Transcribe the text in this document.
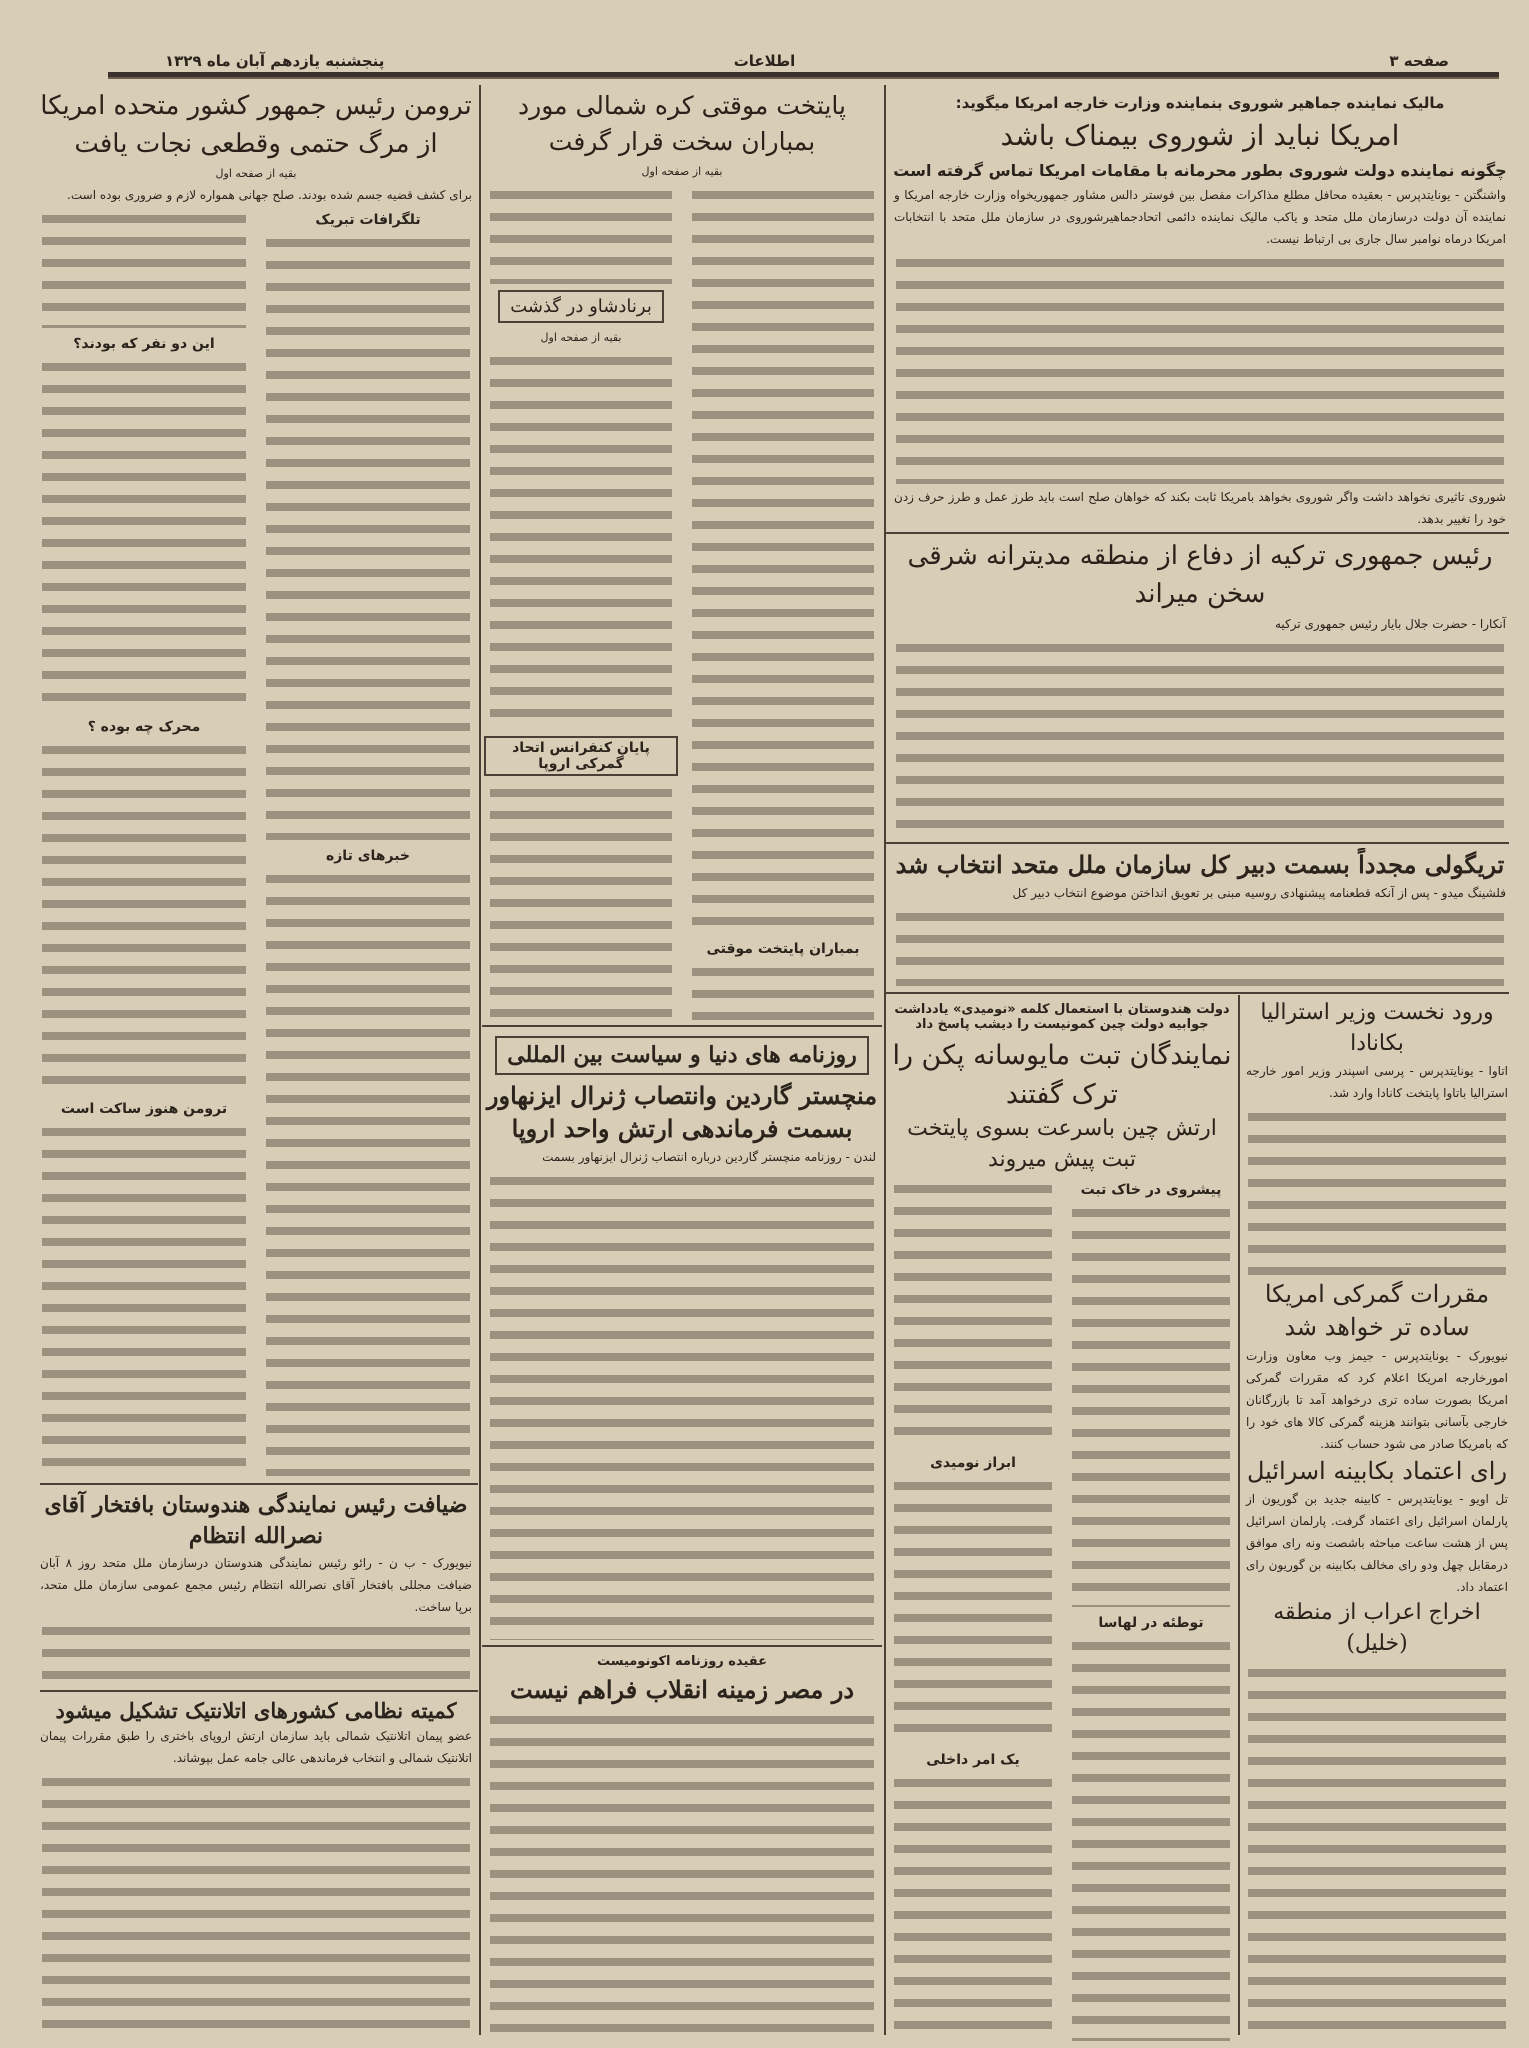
صفحه ۳
اطلاعات
پنجشنبه یازدهم آبان ماه ۱۳۲۹
مالیک نماینده جماهیر شوروی بنماینده وزارت خارجه امریکا میگوید:
امریکا نباید از شوروی بیمناک باشد
چگونه نماینده دولت شوروی بطور محرمانه با مقامات امریکا تماس گرفته است
واشنگتن - یونایتدپرس - بعقیده محافل مطلع مذاکرات مفصل بین فوستر دالس مشاور جمهوریخواه وزارت خارجه امریکا و نماینده آن دولت درسازمان ملل متحد و یاکب مالیک نماینده دائمی اتحادجماهیرشوروی در سازمان ملل متحد با انتخابات امریکا درماه نوامبر سال جاری بی ارتباط نیست.
شوروی تاثیری نخواهد داشت واگر شوروی بخواهد بامریکا ثابت بکند که خواهان صلح است باید طرز عمل و طرز حرف زدن خود را تغییر بدهد.
رئیس جمهوری ترکیه از دفاع از منطقه مدیترانه شرقی سخن میراند
آنکارا - حضرت جلال بایار رئیس جمهوری ترکیه
تریگولی مجدداً بسمت دبیر کل سازمان ملل متحد انتخاب شد
فلشینگ میدو - پس از آنکه قطعنامه پیشنهادی روسیه مبنی بر تعویق انداختن موضوع انتخاب دبیر کل
دولت هندوستان با استعمال کلمه «نومیدی» یادداشت جوابیه دولت چین کمونیست را دیشب پاسخ داد
نمایندگان تبت مایوسانه پکن را ترک گفتند
ارتش چین باسرعت بسوی پایتخت تبت پیش میروند
پیشروی در خاک تبت
توطئه در لهاسا
ابراز نومیدی
یک امر داخلی
ورود نخست وزیر استرالیا بکانادا
اتاوا - یونایتدپرس - پرسی اسپندر وزیر امور خارجه استرالیا باتاوا پایتخت کانادا وارد شد.
مقررات گمرکی امریکا ساده تر خواهد شد
نیویورک - یونایتدپرس - جیمز وب معاون وزارت امورخارجه امریکا اعلام کرد که مقررات گمرکی امریکا بصورت ساده تری درخواهد آمد تا بازرگانان خارجی بآسانی بتوانند هزینه گمرکی کالا های خود را که بامریکا صادر می شود حساب کنند.
رای اعتماد بکابینه اسرائیل
تل اویو - یونایتدپرس - کابینه جدید بن گوریون از پارلمان اسرائیل رای اعتماد گرفت. پارلمان اسرائیل پس از هشت ساعت مباحثه باشصت ونه رای موافق درمقابل چهل ودو رای مخالف بکابینه بن گوریون رای اعتماد داد.
اخراج اعراب از منطقه (خلیل)
پایتخت موقتی کره شمالی مورد بمباران سخت قرار گرفت
بقیه از صفحه اول
بمباران پایتخت موقتی
برنادشاو در گذشت
بقیه از صفحه اول
پایان کنفرانس اتحاد گمرکی اروپا
روزنامه های دنیا و سیاست بین المللی
منچستر گاردین وانتصاب ژنرال ایزنهاور بسمت فرماندهی ارتش واحد اروپا
لندن - روزنامه منچستر گاردین درباره انتصاب ژنرال ایزنهاور بسمت
عقیده روزنامه اکونومیست
در مصر زمینه انقلاب فراهم نیست
ترومن رئیس جمهور کشور متحده امریکا از مرگ حتمی وقطعی نجات یافت
بقیه از صفحه اول
برای کشف قضیه جسم شده بودند. صلح جهانی همواره لازم و ضروری بوده است.
تلگرافات تبریک
خبرهای تازه
این دو نفر که بودند؟
محرک چه بوده ؟
ترومن هنوز ساکت است
ضیافت رئیس نمایندگی هندوستان بافتخار آقای نصرالله انتظام
نیویورک - ب ن - رائو رئیس نمایندگی هندوستان درسازمان ملل متحد روز ۸ آبان ضیافت مجللی بافتخار آقای نصرالله انتظام رئیس مجمع عمومی سازمان ملل متحد، برپا ساخت.
کمیته نظامی کشورهای اتلانتیک تشکیل میشود
عضو پیمان اتلانتیک شمالی باید سازمان ارتش اروپای باختری را طبق مقررات پیمان اتلانتیک شمالی و انتخاب فرماندهی عالی جامه عمل بپوشاند.
